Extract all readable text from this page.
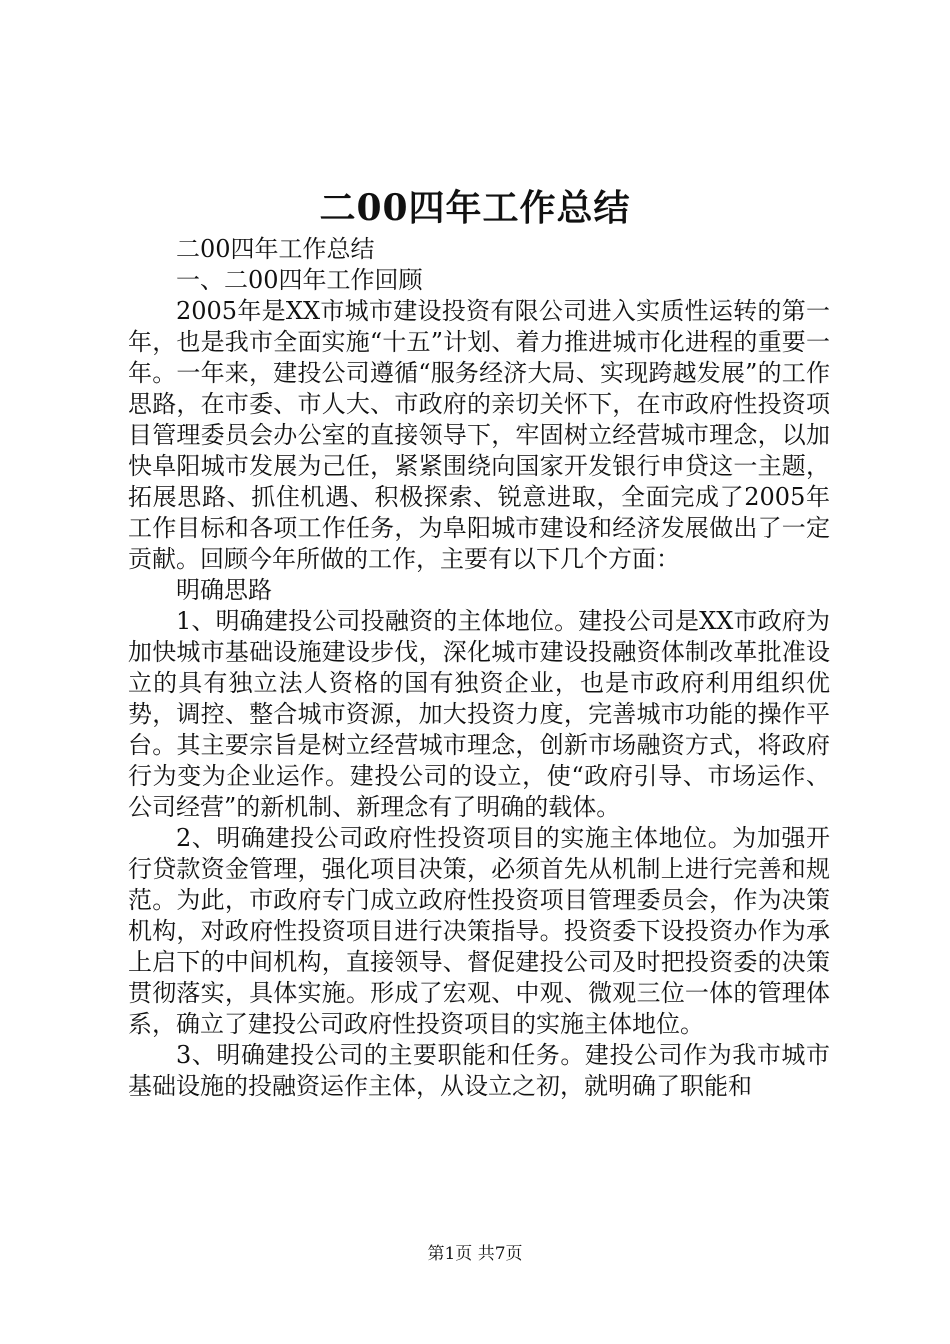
二00四年工作总结

二00四年工作总结

一、二00四年工作回顾

2005年是XX市城市建设投资有限公司进入实质性运转的第一年，也是我市全面实施“十五”计划、着力推进城市化进程的重要一年。一年来，建投公司遵循“服务经济大局、实现跨越发展”的工作思路，在市委、市人大、市政府的亲切关怀下，在市政府性投资项目管理委员会办公室的直接领导下，牢固树立经营城市理念，以加快阜阳城市发展为己任，紧紧围绕向国家开发银行申贷这一主题，拓展思路、抓住机遇、积极探索、锐意进取，全面完成了2005年工作目标和各项工作任务，为阜阳城市建设和经济发展做出了一定贡献。回顾今年所做的工作，主要有以下几个方面：

明确思路

1、明确建投公司投融资的主体地位。建投公司是XX市政府为加快城市基础设施建设步伐，深化城市建设投融资体制改革批准设立的具有独立法人资格的国有独资企业，也是市政府利用组织优势，调控、整合城市资源，加大投资力度，完善城市功能的操作平台。其主要宗旨是树立经营城市理念，创新市场融资方式，将政府行为变为企业运作。建投公司的设立，使“政府引导、市场运作、公司经营”的新机制、新理念有了明确的载体。

2、明确建投公司政府性投资项目的实施主体地位。为加强开行贷款资金管理，强化项目决策，必须首先从机制上进行完善和规范。为此，市政府专门成立政府性投资项目管理委员会，作为决策机构，对政府性投资项目进行决策指导。投资委下设投资办作为承上启下的中间机构，直接领导、督促建投公司及时把投资委的决策贯彻落实，具体实施。形成了宏观、中观、微观三位一体的管理体系，确立了建投公司政府性投资项目的实施主体地位。

3、明确建投公司的主要职能和任务。建投公司作为我市城市基础设施的投融资运作主体，从设立之初，就明确了职能和

第1页 共7页
